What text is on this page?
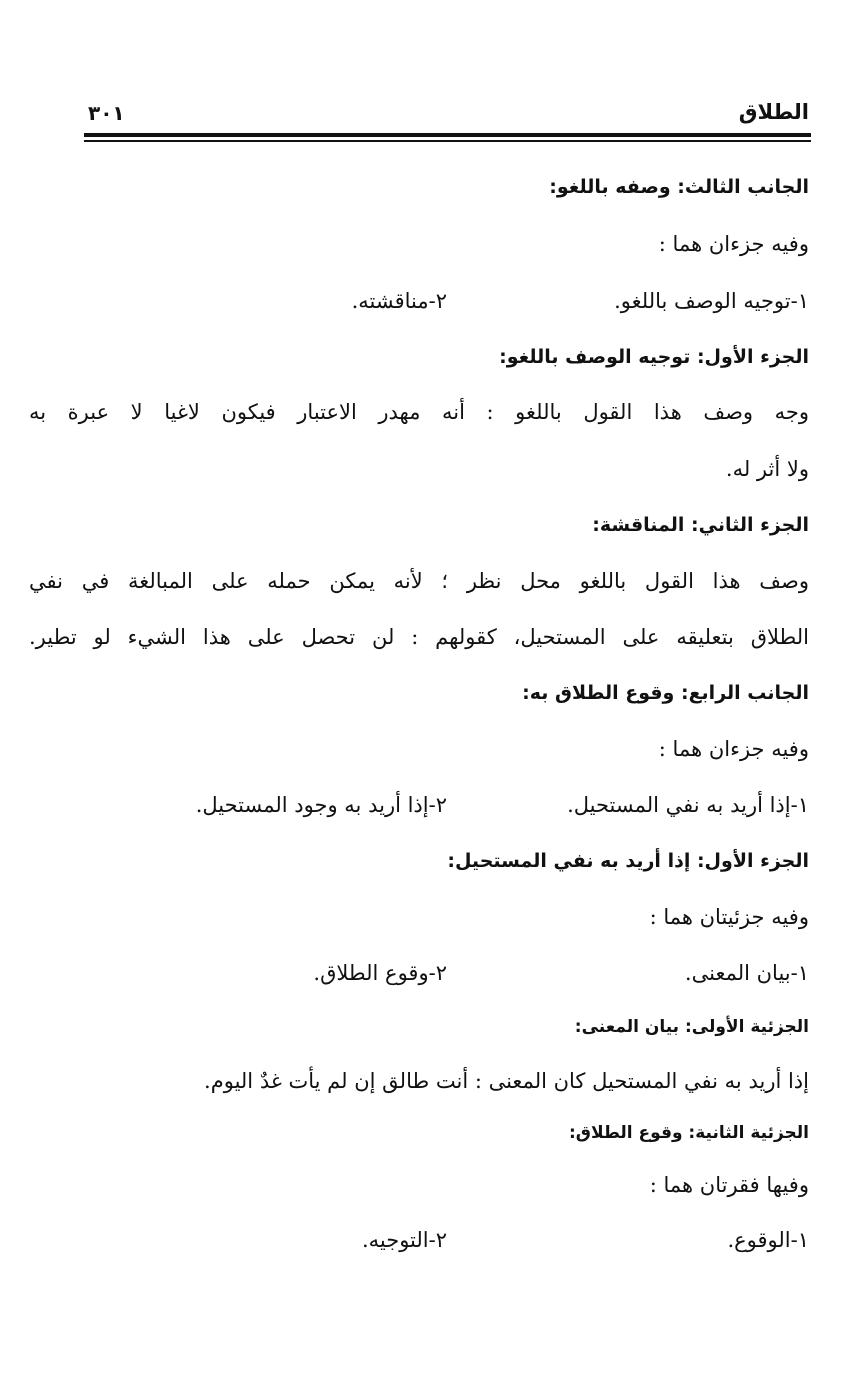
الطلاق
٣٠١
الجانب الثالث: وصفه باللغو:
وفيه جزءان هما :
١-توجيه الوصف باللغو.
٢-مناقشته.
الجزء الأول: توجيه الوصف باللغو:
وجه وصف هذا القول باللغو : أنه مهدر الاعتبار فيكون لاغيا لا عبرة به
ولا أثر له.
الجزء الثاني: المناقشة:
وصف هذا القول باللغو محل نظر ؛ لأنه يمكن حمله على المبالغة في نفي
الطلاق بتعليقه على المستحيل، كقولهم : لن تحصل على هذا الشيء لو تطير.
الجانب الرابع: وقوع الطلاق به:
وفيه جزءان هما :
١-إذا أريد به نفي المستحيل.
٢-إذا أريد به وجود المستحيل.
الجزء الأول: إذا أريد به نفي المستحيل:
وفيه جزئيتان هما :
١-بيان المعنى.
٢-وقوع الطلاق.
الجزئية الأولى: بيان المعنى:
إذا أريد به نفي المستحيل كان المعنى : أنت طالق إن لم يأت غدٌ اليوم.
الجزئية الثانية: وقوع الطلاق:
وفيها فقرتان هما :
١-الوقوع.
٢-التوجيه.
